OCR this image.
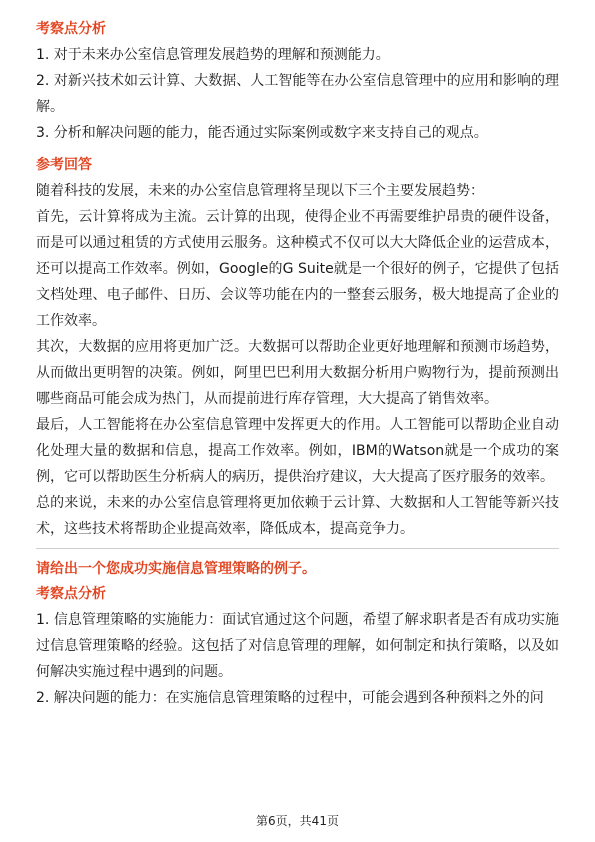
考察点分析

1. 对于未来办公室信息管理发展趋势的理解和预测能力。

2. 对新兴技术如云计算、大数据、人工智能等在办公室信息管理中的应用和影响的理解。

3. 分析和解决问题的能力，能否通过实际案例或数字来支持自己的观点。

参考回答

随着科技的发展，未来的办公室信息管理将呈现以下三个主要发展趋势：

首先，云计算将成为主流。云计算的出现，使得企业不再需要维护昂贵的硬件设备，而是可以通过租赁的方式使用云服务。这种模式不仅可以大大降低企业的运营成本，还可以提高工作效率。例如，Google的G Suite就是一个很好的例子，它提供了包括文档处理、电子邮件、日历、会议等功能在内的一整套云服务，极大地提高了企业的工作效率。

其次，大数据的应用将更加广泛。大数据可以帮助企业更好地理解和预测市场趋势，从而做出更明智的决策。例如，阿里巴巴利用大数据分析用户购物行为，提前预测出哪些商品可能会成为热门，从而提前进行库存管理，大大提高了销售效率。

最后，人工智能将在办公室信息管理中发挥更大的作用。人工智能可以帮助企业自动化处理大量的数据和信息，提高工作效率。例如，IBM的Watson就是一个成功的案例，它可以帮助医生分析病人的病历，提供治疗建议，大大提高了医疗服务的效率。

总的来说，未来的办公室信息管理将更加依赖于云计算、大数据和人工智能等新兴技术，这些技术将帮助企业提高效率，降低成本，提高竞争力。

请给出一个您成功实施信息管理策略的例子。

考察点分析

1. 信息管理策略的实施能力：面试官通过这个问题，希望了解求职者是否有成功实施过信息管理策略的经验。这包括了对信息管理的理解，如何制定和执行策略，以及如何解决实施过程中遇到的问题。

2. 解决问题的能力：在实施信息管理策略的过程中，可能会遇到各种预料之外的问

第6页，共41页
